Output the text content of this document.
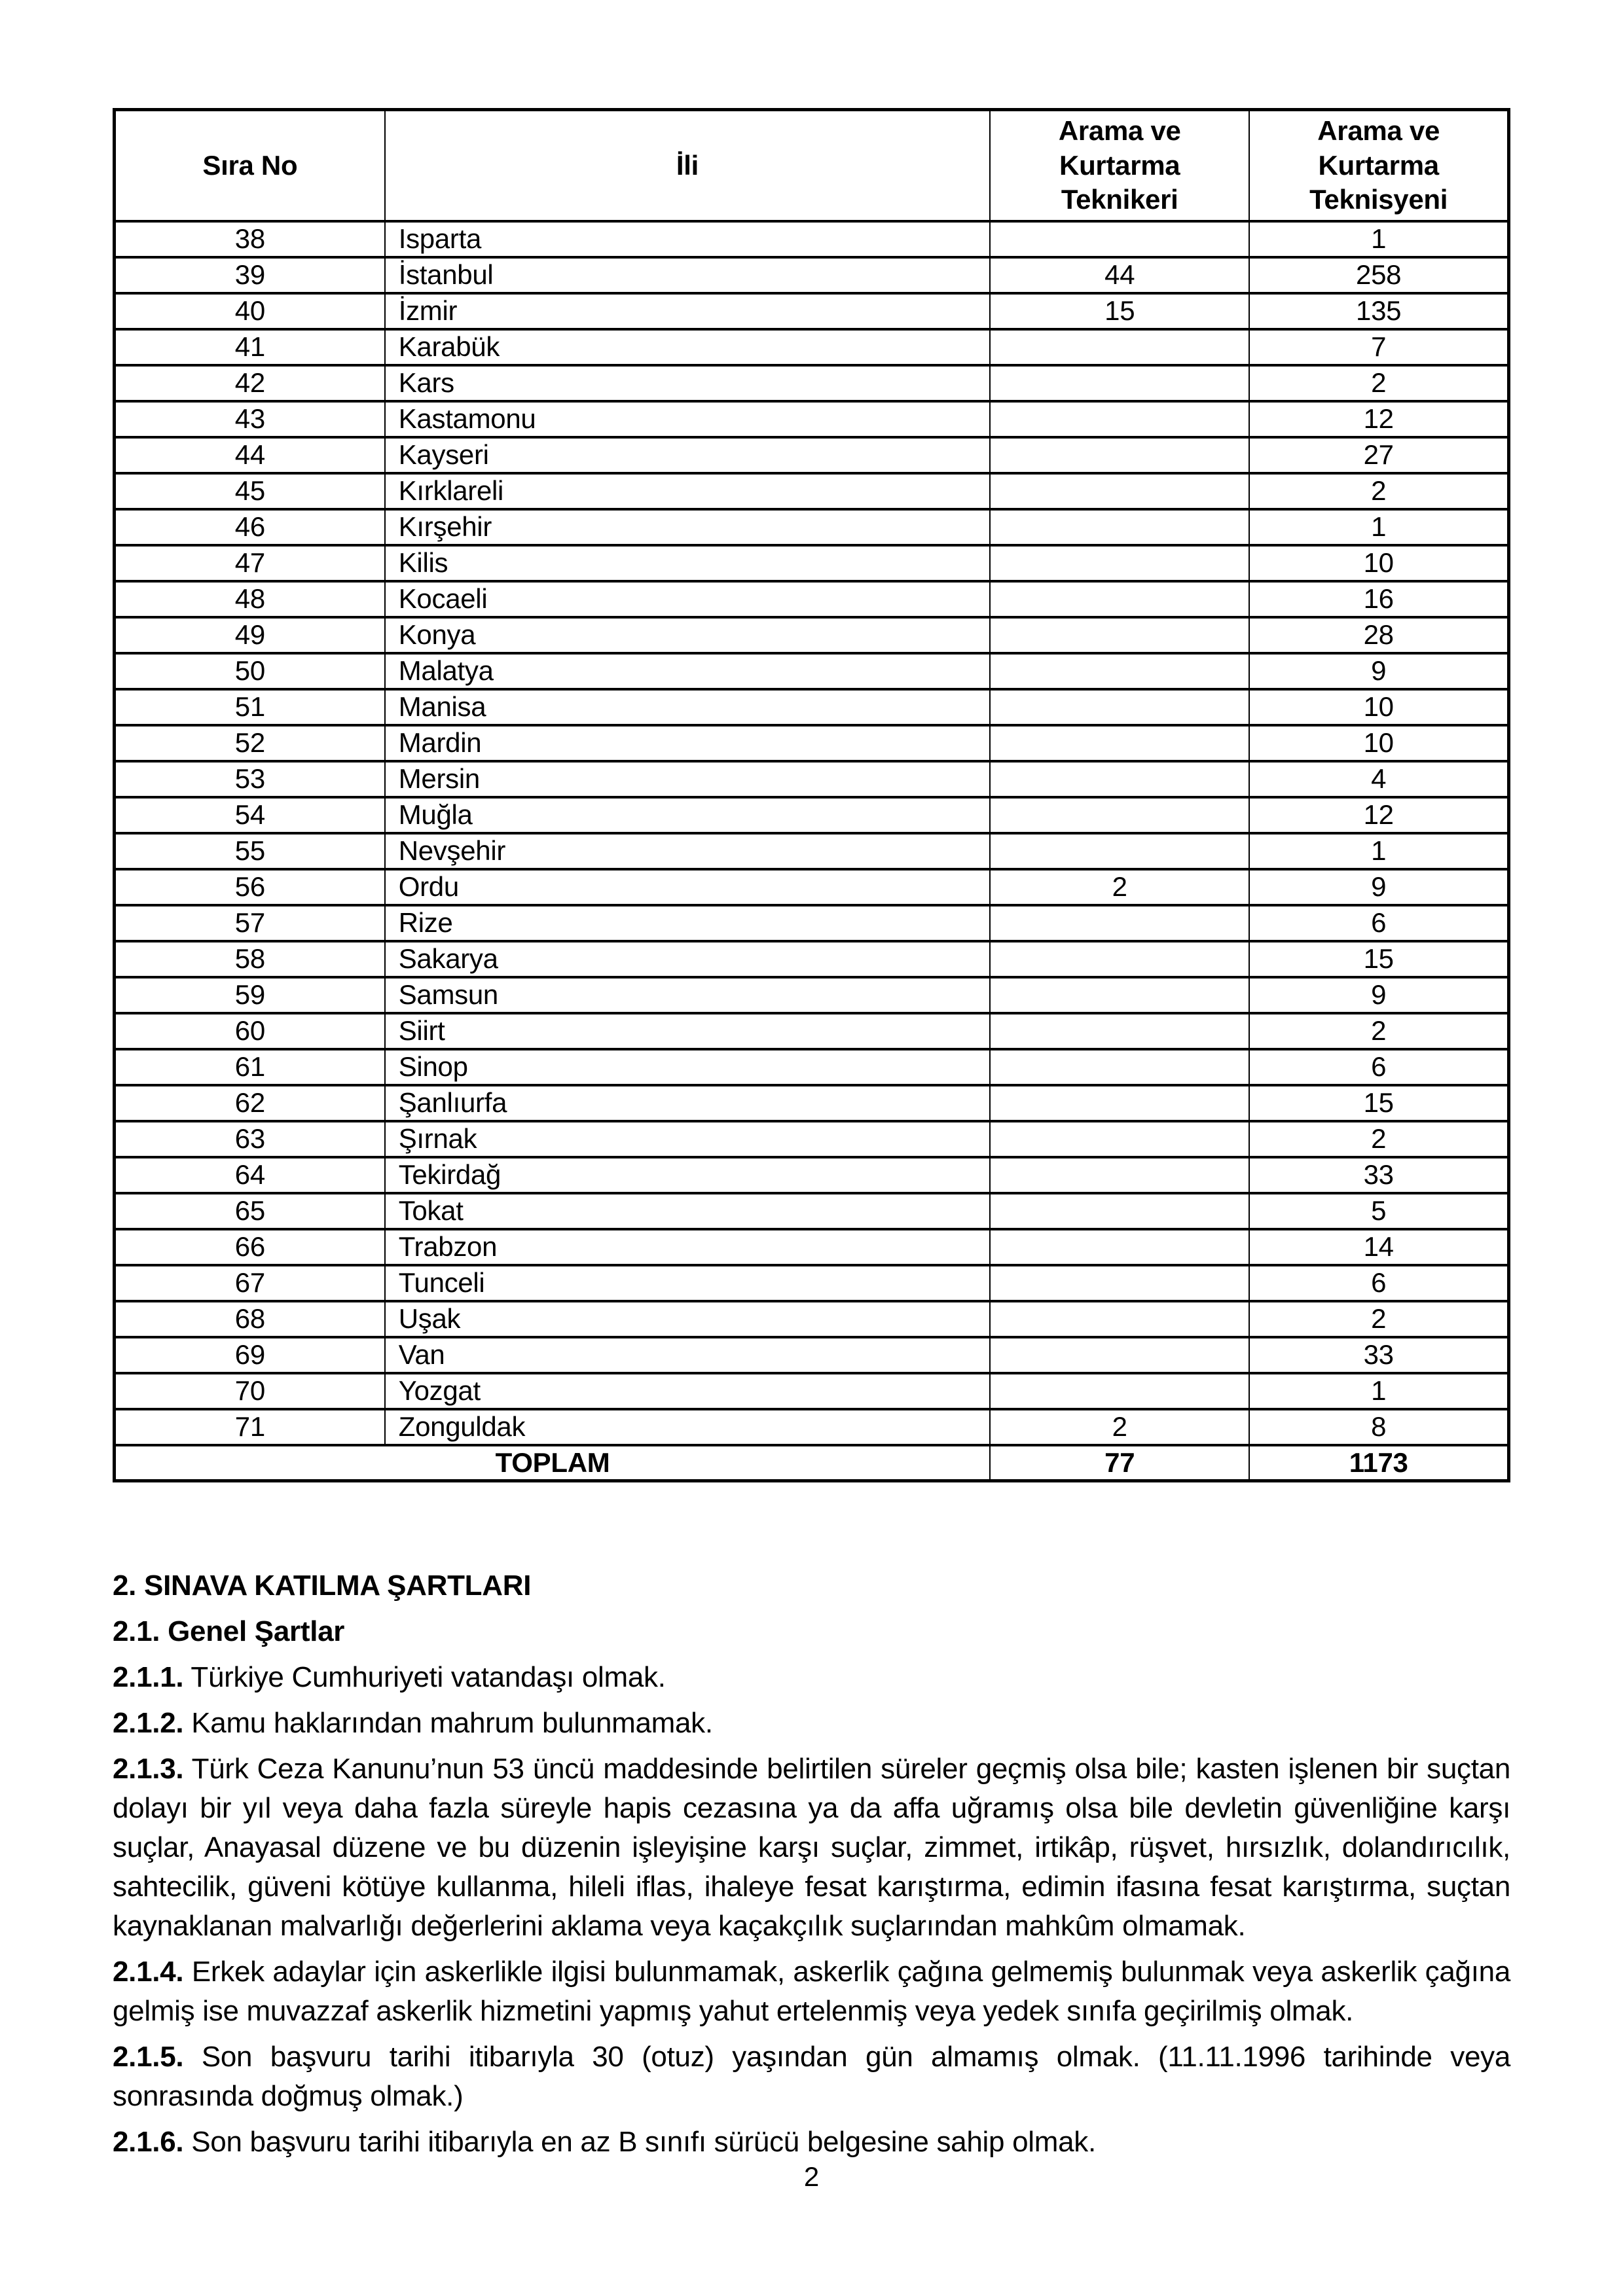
Sıra No	İli	Arama ve Kurtarma Teknikeri	Arama ve Kurtarma Teknisyeni
38	Isparta		1
39	İstanbul	44	258
40	İzmir	15	135
41	Karabük		7
42	Kars		2
43	Kastamonu		12
44	Kayseri		27
45	Kırklareli		2
46	Kırşehir		1
47	Kilis		10
48	Kocaeli		16
49	Konya		28
50	Malatya		9
51	Manisa		10
52	Mardin		10
53	Mersin		4
54	Muğla		12
55	Nevşehir		1
56	Ordu	2	9
57	Rize		6
58	Sakarya		15
59	Samsun		9
60	Siirt		2
61	Sinop		6
62	Şanlıurfa		15
63	Şırnak		2
64	Tekirdağ		33
65	Tokat		5
66	Trabzon		14
67	Tunceli		6
68	Uşak		2
69	Van		33
70	Yozgat		1
71	Zonguldak	2	8
TOPLAM		77	1173
2. SINAVA KATILMA ŞARTLARI
2.1. Genel Şartlar

2.1.1. Türkiye Cumhuriyeti vatandaşı olmak.

2.1.2. Kamu haklarından mahrum bulunmamak.

2.1.3. Türk Ceza Kanunu’nun 53 üncü maddesinde belirtilen süreler geçmiş olsa bile; kasten işlenen bir suçtan dolayı bir yıl veya daha fazla süreyle hapis cezasına ya da affa uğramış olsa bile devletin güvenliğine karşı suçlar, Anayasal düzene ve bu düzenin işleyişine karşı suçlar, zimmet, irtikâp, rüşvet, hırsızlık, dolandırıcılık, sahtecilik, güveni kötüye kullanma, hileli iflas, ihaleye fesat karıştırma, edimin ifasına fesat karıştırma, suçtan kaynaklanan malvarlığı değerlerini aklama veya kaçakçılık suçlarından mahkûm olmamak.

2.1.4. Erkek adaylar için askerlikle ilgisi bulunmamak, askerlik çağına gelmemiş bulunmak veya askerlik çağına gelmiş ise muvazzaf askerlik hizmetini yapmış yahut ertelenmiş veya yedek sınıfa geçirilmiş olmak.

2.1.5. Son başvuru tarihi itibarıyla 30 (otuz) yaşından gün almamış olmak. (11.11.1996 tarihinde veya sonrasında doğmuş olmak.)

2.1.6. Son başvuru tarihi itibarıyla en az B sınıfı sürücü belgesine sahip olmak.

2
